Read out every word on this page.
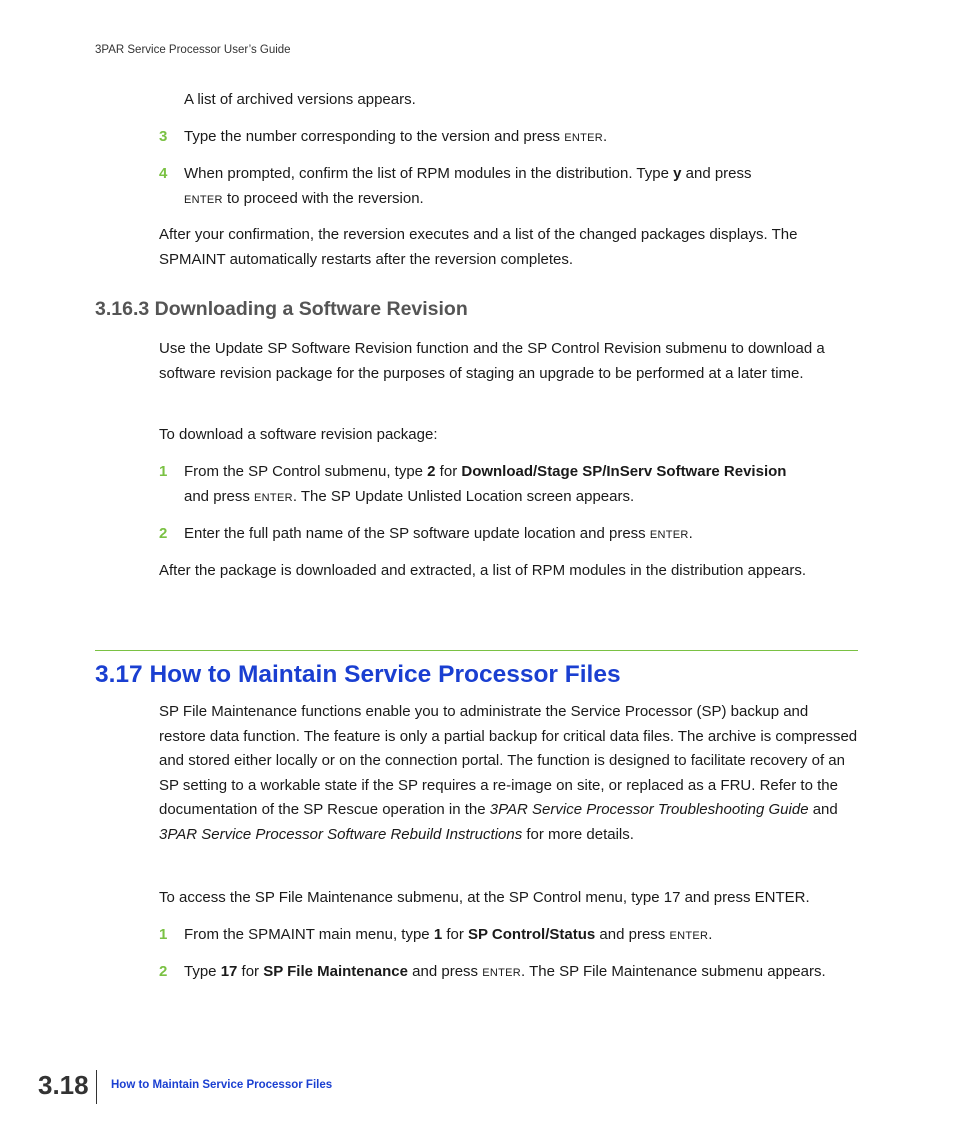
3PAR Service Processor User’s Guide

A list of archived versions appears.

3	Type the number corresponding to the version and press ENTER.
4	When prompted, confirm the list of RPM modules in the distribution. Type y and press
ENTER to proceed with the reversion.

After your confirmation, the reversion executes and a list of the changed packages displays. The SPMAINT automatically restarts after the reversion completes.

3.16.3 Downloading a Software Revision

Use the Update SP Software Revision function and the SP Control Revision submenu to download a software revision package for the purposes of staging an upgrade to be performed at a later time.

To download a software revision package:

1	From the SP Control submenu, type 2 for Download/Stage SP/InServ Software Revision
and press ENTER. The SP Update Unlisted Location screen appears.
2	Enter the full path name of the SP software update location and press ENTER.

After the package is downloaded and extracted, a list of RPM modules in the distribution appears.

3.17 How to Maintain Service Processor Files

SP File Maintenance functions enable you to administrate the Service Processor (SP) backup and restore data function. The feature is only a partial backup for critical data files. The archive is compressed and stored either locally or on the connection portal. The function is designed to facilitate recovery of an SP setting to a workable state if the SP requires a re-image on site, or replaced as a FRU. Refer to the documentation of the SP Rescue operation in the 3PAR Service Processor Troubleshooting Guide and 3PAR Service Processor Software Rebuild Instructions for more details.

To access the SP File Maintenance submenu, at the SP Control menu, type 17 and press ENTER.

1	From the SPMAINT main menu, type 1 for SP Control/Status and press ENTER.
2	Type 17 for SP File Maintenance and press ENTER. The SP File Maintenance submenu appears.
3.18 How to Maintain Service Processor Files
